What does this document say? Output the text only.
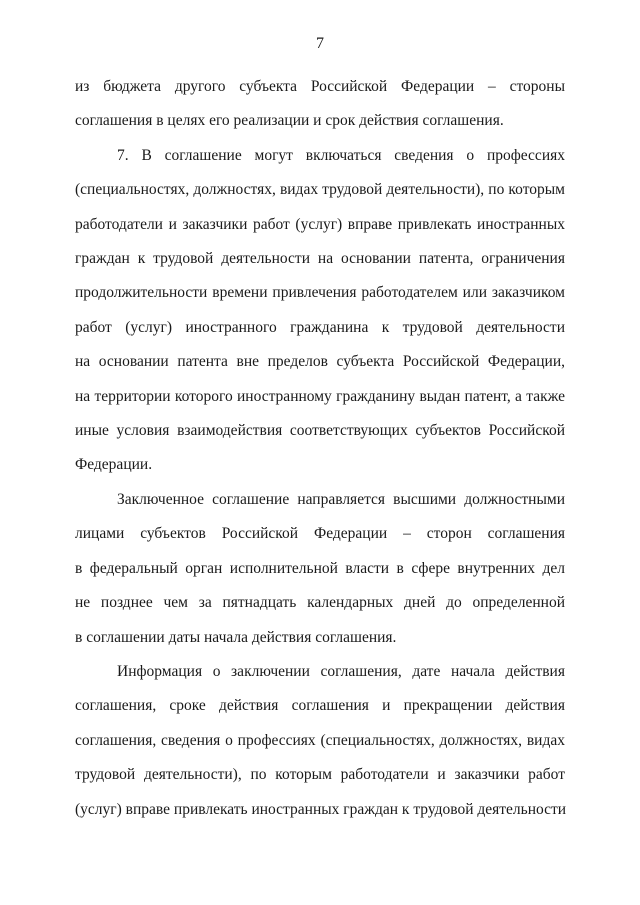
7
из бюджета другого субъекта Российской Федерации – стороны
соглашения в целях его реализации и срок действия соглашения.
7. В соглашение могут включаться сведения о профессиях
(специальностях, должностях, видах трудовой деятельности), по которым
работодатели и заказчики работ (услуг) вправе привлекать иностранных
граждан к трудовой деятельности на основании патента, ограничения
продолжительности времени привлечения работодателем или заказчиком
работ (услуг) иностранного гражданина к трудовой деятельности
на основании патента вне пределов субъекта Российской Федерации,
на территории которого иностранному гражданину выдан патент, а также
иные условия взаимодействия соответствующих субъектов Российской
Федерации.
Заключенное соглашение направляется высшими должностными
лицами субъектов Российской Федерации – сторон соглашения
в федеральный орган исполнительной власти в сфере внутренних дел
не позднее чем за пятнадцать календарных дней до определенной
в соглашении даты начала действия соглашения.
Информация о заключении соглашения, дате начала действия
соглашения, сроке действия соглашения и прекращении действия
соглашения, сведения о профессиях (специальностях, должностях, видах
трудовой деятельности), по которым работодатели и заказчики работ
(услуг) вправе привлекать иностранных граждан к трудовой деятельности
